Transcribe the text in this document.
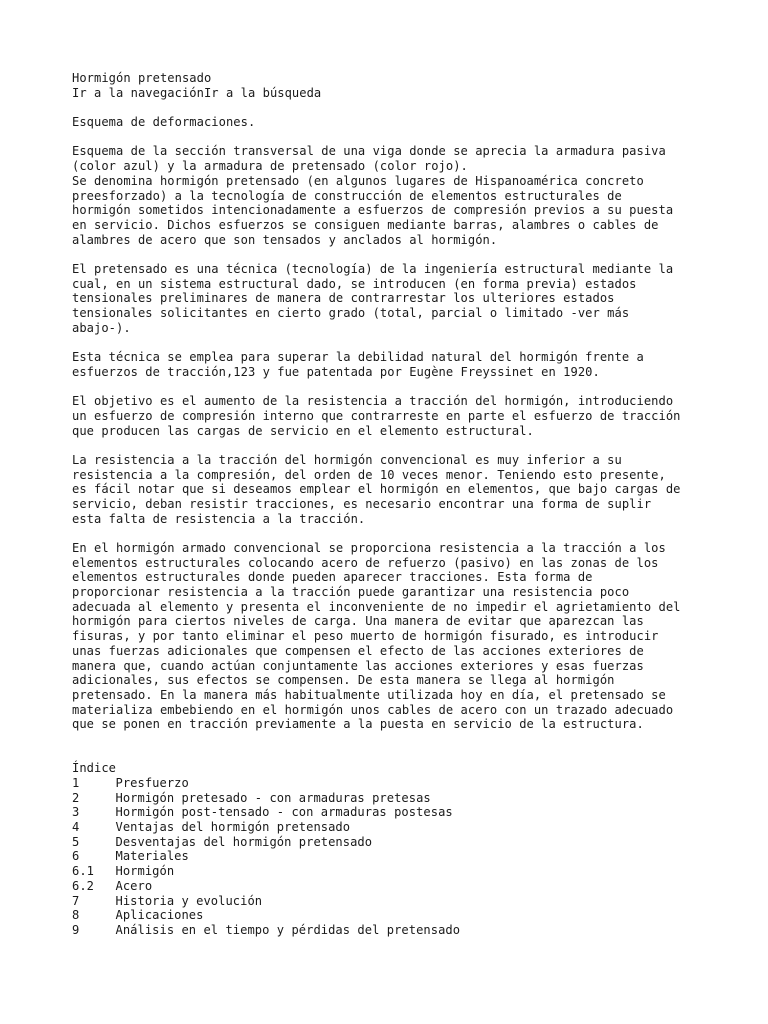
Hormigón pretensado
Ir a la navegaciónIr a la búsqueda
Esquema de deformaciones.
Esquema de la sección transversal de una viga donde se aprecia la armadura pasiva
(color azul) y la armadura de pretensado (color rojo).
Se denomina hormigón pretensado (en algunos lugares de Hispanoamérica concreto
preesforzado) a la tecnología de construcción de elementos estructurales de
hormigón sometidos intencionadamente a esfuerzos de compresión previos a su puesta
en servicio. Dichos esfuerzos se consiguen mediante barras, alambres o cables de
alambres de acero que son tensados y anclados al hormigón.
El pretensado es una técnica (tecnología) de la ingeniería estructural mediante la
cual, en un sistema estructural dado, se introducen (en forma previa) estados
tensionales preliminares de manera de contrarrestar los ulteriores estados
tensionales solicitantes en cierto grado (total, parcial o limitado -ver más
abajo-).
Esta técnica se emplea para superar la debilidad natural del hormigón frente a
esfuerzos de tracción,123 y fue patentada por Eugène Freyssinet en 1920.
El objetivo es el aumento de la resistencia a tracción del hormigón, introduciendo
un esfuerzo de compresión interno que contrarreste en parte el esfuerzo de tracción
que producen las cargas de servicio en el elemento estructural.
La resistencia a la tracción del hormigón convencional es muy inferior a su
resistencia a la compresión, del orden de 10 veces menor. Teniendo esto presente,
es fácil notar que si deseamos emplear el hormigón en elementos, que bajo cargas de
servicio, deban resistir tracciones, es necesario encontrar una forma de suplir
esta falta de resistencia a la tracción.
En el hormigón armado convencional se proporciona resistencia a la tracción a los
elementos estructurales colocando acero de refuerzo (pasivo) en las zonas de los
elementos estructurales donde pueden aparecer tracciones. Esta forma de
proporcionar resistencia a la tracción puede garantizar una resistencia poco
adecuada al elemento y presenta el inconveniente de no impedir el agrietamiento del
hormigón para ciertos niveles de carga. Una manera de evitar que aparezcan las
fisuras, y por tanto eliminar el peso muerto de hormigón fisurado, es introducir
unas fuerzas adicionales que compensen el efecto de las acciones exteriores de
manera que, cuando actúan conjuntamente las acciones exteriores y esas fuerzas
adicionales, sus efectos se compensen. De esta manera se llega al hormigón
pretensado. En la manera más habitualmente utilizada hoy en día, el pretensado se
materializa embebiendo en el hormigón unos cables de acero con un trazado adecuado
que se ponen en tracción previamente a la puesta en servicio de la estructura.
Índice
1	Presfuerzo
2	Hormigón pretesado - con armaduras pretesas
3	Hormigón post-tensado - con armaduras postesas
4	Ventajas del hormigón pretensado
5	Desventajas del hormigón pretensado
6	Materiales
6.1	Hormigón
6.2	Acero
7	Historia y evolución
8	Aplicaciones
9	Análisis en el tiempo y pérdidas del pretensado
